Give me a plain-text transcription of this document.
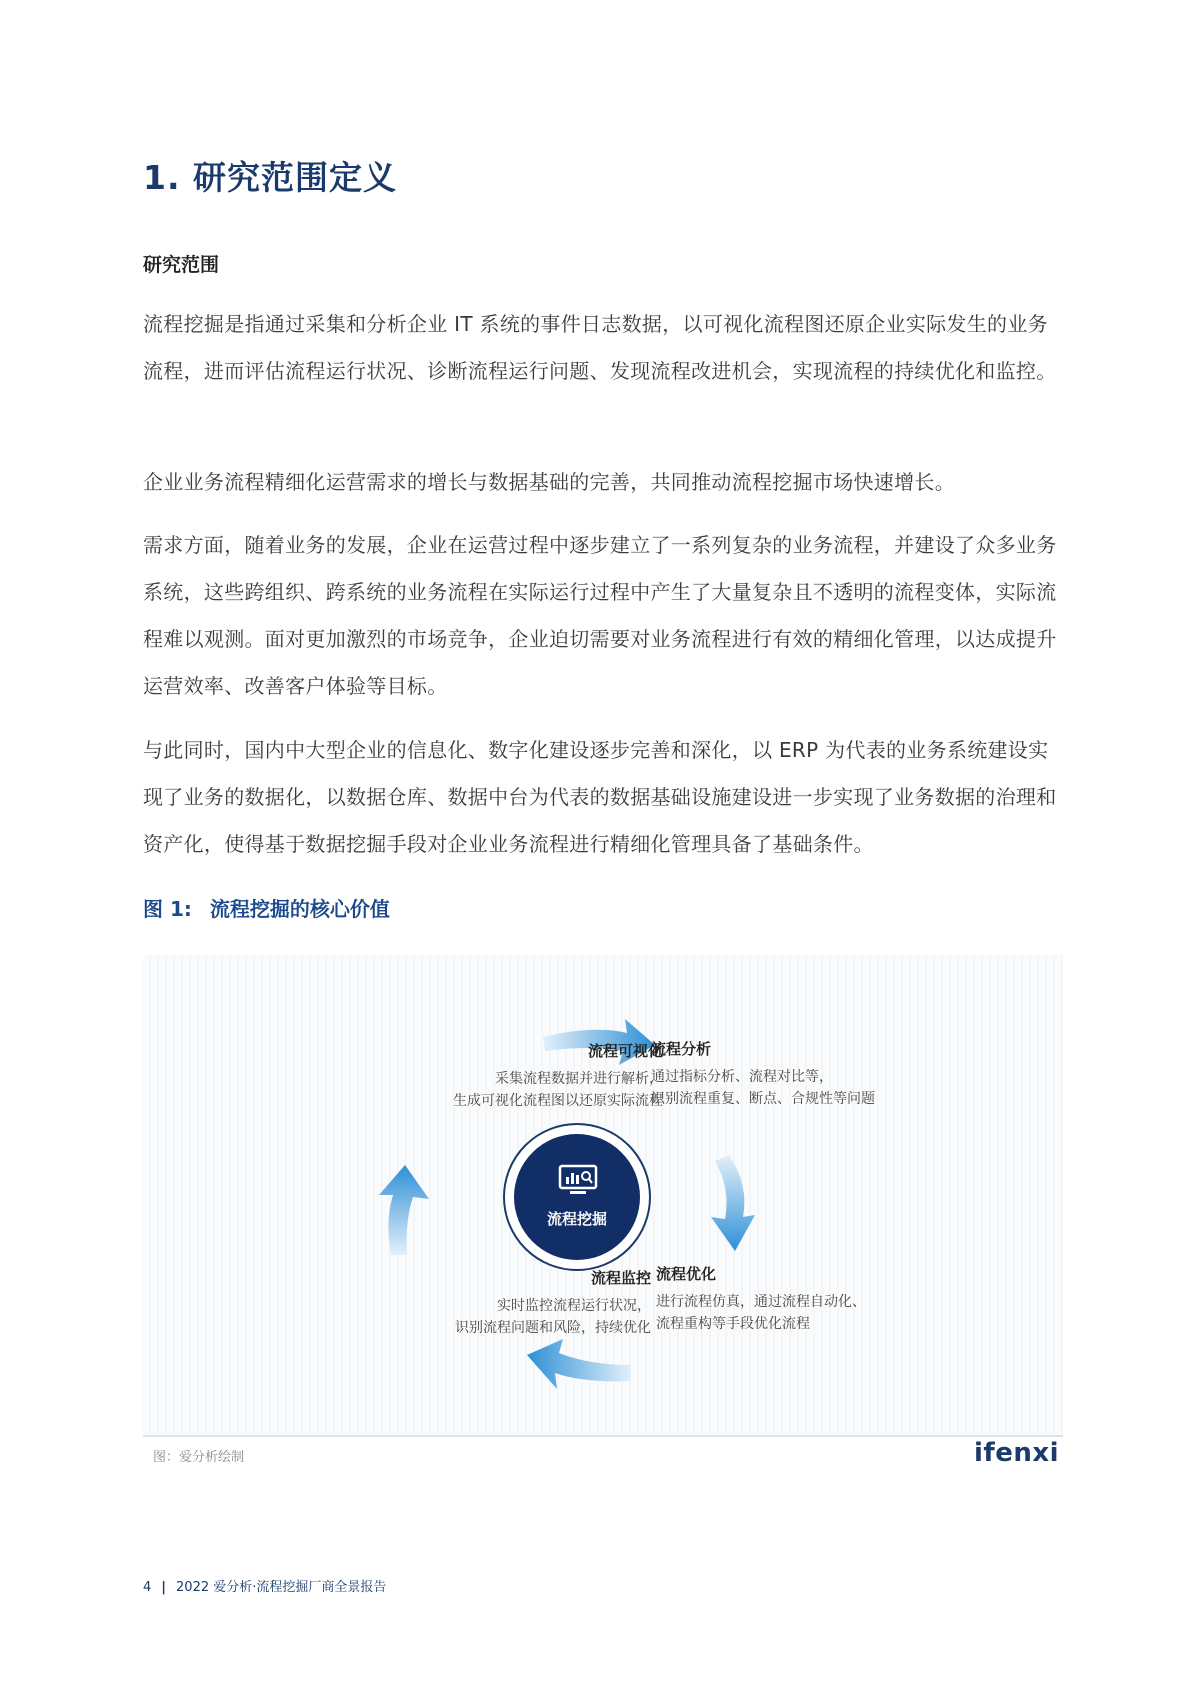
1. 研究范围定义
研究范围

流程挖掘是指通过采集和分析企业 IT 系统的事件日志数据，以可视化流程图还原企业实际发生的业务流程，进而评估流程运行状况、诊断流程运行问题、发现流程改进机会，实现流程的持续优化和监控。

企业业务流程精细化运营需求的增长与数据基础的完善，共同推动流程挖掘市场快速增长。

需求方面，随着业务的发展，企业在运营过程中逐步建立了一系列复杂的业务流程，并建设了众多业务系统，这些跨组织、跨系统的业务流程在实际运行过程中产生了大量复杂且不透明的流程变体，实际流程难以观测。面对更加激烈的市场竞争，企业迫切需要对业务流程进行有效的精细化管理，以达成提升运营效率、改善客户体验等目标。

与此同时，国内中大型企业的信息化、数字化建设逐步完善和深化，以 ERP 为代表的业务系统建设实现了业务的数据化，以数据仓库、数据中台为代表的数据基础设施建设进一步实现了业务数据的治理和资产化，使得基于数据挖掘手段对企业业务流程进行精细化管理具备了基础条件。

图 1: 流程挖掘的核心价值

流程可视化
采集流程数据并进行解析，
生成可视化流程图以还原实际流程
流程分析
通过指标分析、流程对比等，
识别流程重复、断点、合规性等问题
流程优化
进行流程仿真，通过流程自动化、
流程重构等手段优化流程
流程监控
实时监控流程运行状况，
识别流程问题和风险，持续优化
流程挖掘

图：爱分析绘制	ifenxi

4 | 2022 爱分析·流程挖掘厂商全景报告
